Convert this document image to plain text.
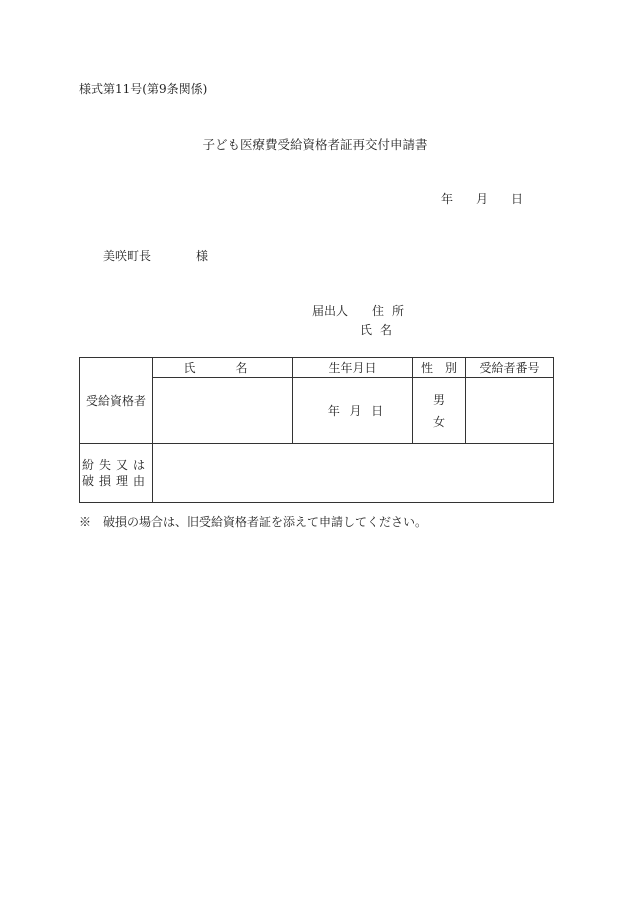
様式第11号(第9条関係)
子ども医療費受給資格者証再交付申請書
年 月 日
美咲町長	様
届出人 住所
氏名
受給資格者	氏　名	生年月日	性　別	受給者番号

		年 月 日	男
女	

紛失又は
破損理由				

※　破損の場合は、旧受給資格者証を添えて申請してください。
